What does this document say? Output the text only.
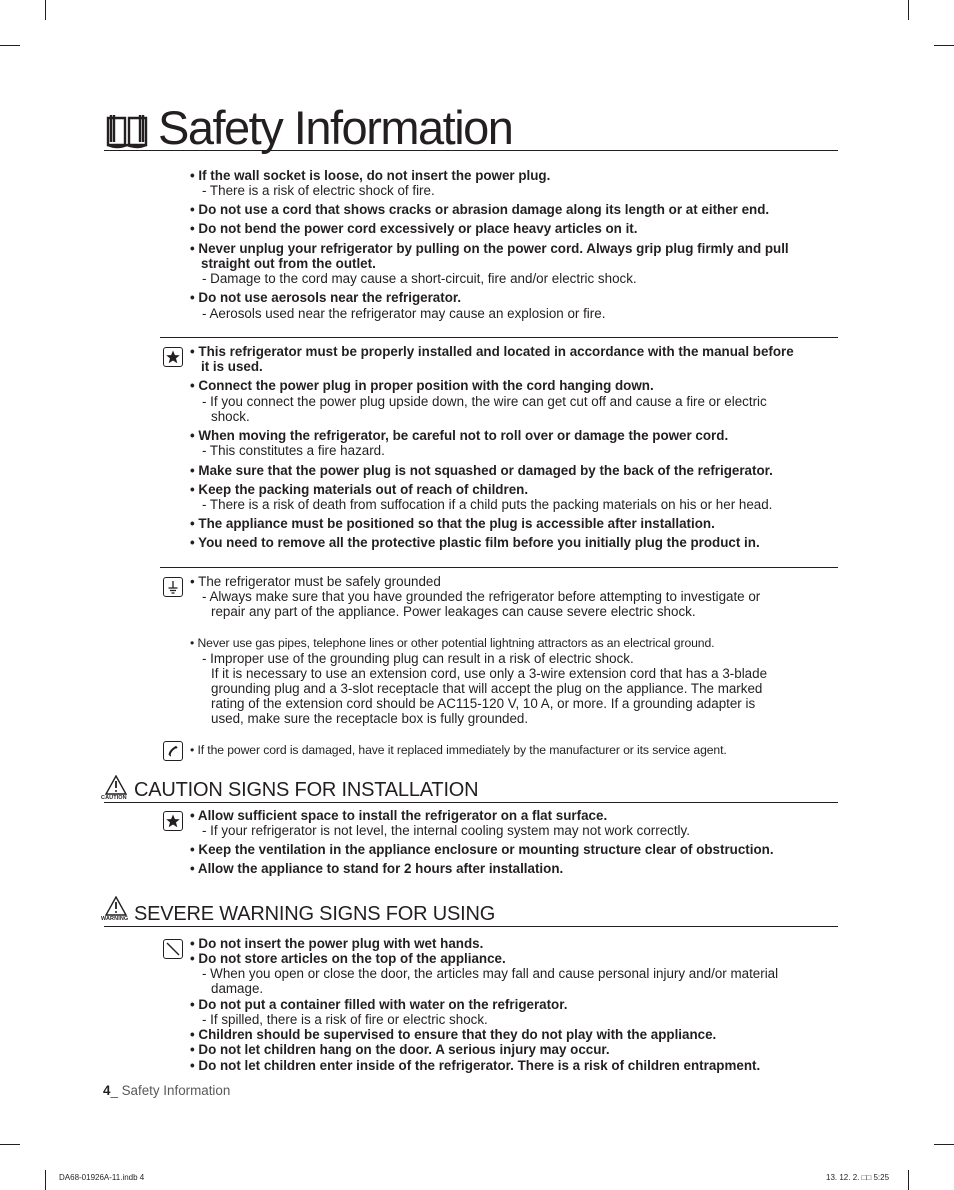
Safety Information
• If the wall socket is loose, do not insert the power plug.
- There is a risk of electric shock of fire.
• Do not use a cord that shows cracks or abrasion damage along its length or at either end.
• Do not bend the power cord excessively or place heavy articles on it.
• Never unplug your refrigerator by pulling on the power cord. Always grip plug firmly and pull
straight out from the outlet.
- Damage to the cord may cause a short-circuit, fire and/or electric shock.
• Do not use aerosols near the refrigerator.
- Aerosols used near the refrigerator may cause an explosion or fire.
• This refrigerator must be properly installed and located in accordance with the manual before
it is used.
• Connect the power plug in proper position with the cord hanging down.
- If you connect the power plug upside down, the wire can get cut off and cause a fire or electric
shock.
• When moving the refrigerator, be careful not to roll over or damage the power cord.
- This constitutes a fire hazard.
• Make sure that the power plug is not squashed or damaged by the back of the refrigerator.
• Keep the packing materials out of reach of children.
- There is a risk of death from suffocation if a child puts the packing materials on his or her head.
• The appliance must be positioned so that the plug is accessible after installation.
• You need to remove all the protective plastic film before you initially plug the product in.
• The refrigerator must be safely grounded
- Always make sure that you have grounded the refrigerator before attempting to investigate or
repair any part of the appliance. Power leakages can cause severe electric shock.
• Never use gas pipes, telephone lines or other potential lightning attractors as an electrical ground.
- Improper use of the grounding plug can result in a risk of electric shock.
If it is necessary to use an extension cord, use only a 3-wire extension cord that has a 3-blade
grounding plug and a 3-slot receptacle that will accept the plug on the appliance. The marked
rating of the extension cord should be AC115-120 V, 10 A, or more. If a grounding adapter is
used, make sure the receptacle box is fully grounded.
• If the power cord is damaged, have it replaced immediately by the manufacturer or its service agent.
CAUTION CAUTION SIGNS FOR INSTALLATION
• Allow sufficient space to install the refrigerator on a flat surface.
- If your refrigerator is not level, the internal cooling system may not work correctly.
• Keep the ventilation in the appliance enclosure or mounting structure clear of obstruction.
• Allow the appliance to stand for 2 hours after installation.
WARNING SEVERE WARNING SIGNS FOR USING
• Do not insert the power plug with wet hands.
• Do not store articles on the top of the appliance.
- When you open or close the door, the articles may fall and cause personal injury and/or material
damage.
• Do not put a container filled with water on the refrigerator.
- If spilled, there is a risk of fire or electric shock.
• Children should be supervised to ensure that they do not play with the appliance.
• Do not let children hang on the door. A serious injury may occur.
• Do not let children enter inside of the refrigerator. There is a risk of children entrapment.
4_ Safety Information
DA68-01926A-11.indb 4	13. 12. 2. □□ 5:25
